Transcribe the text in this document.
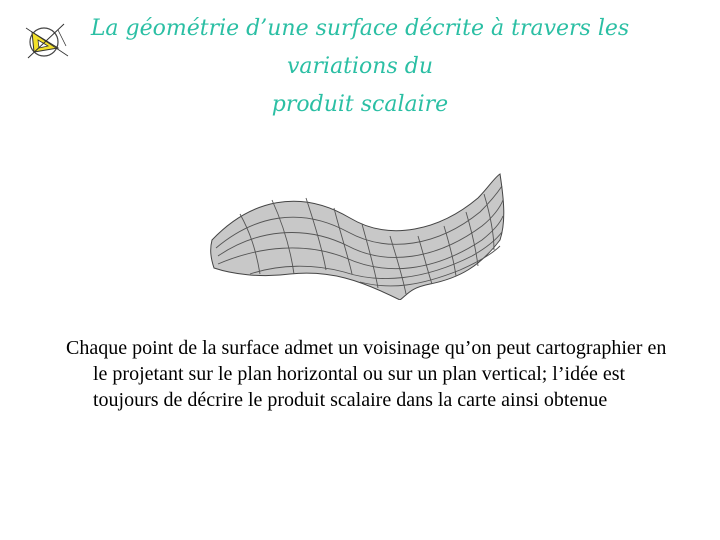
La géométrie d’une surface décrite à travers les variations du
produit scalaire

Chaque point de la surface admet un voisinage qu’on peut cartographier en le projetant sur le plan horizontal ou sur un plan vertical; l’idée est toujours de décrire le produit scalaire dans la carte ainsi obtenue
